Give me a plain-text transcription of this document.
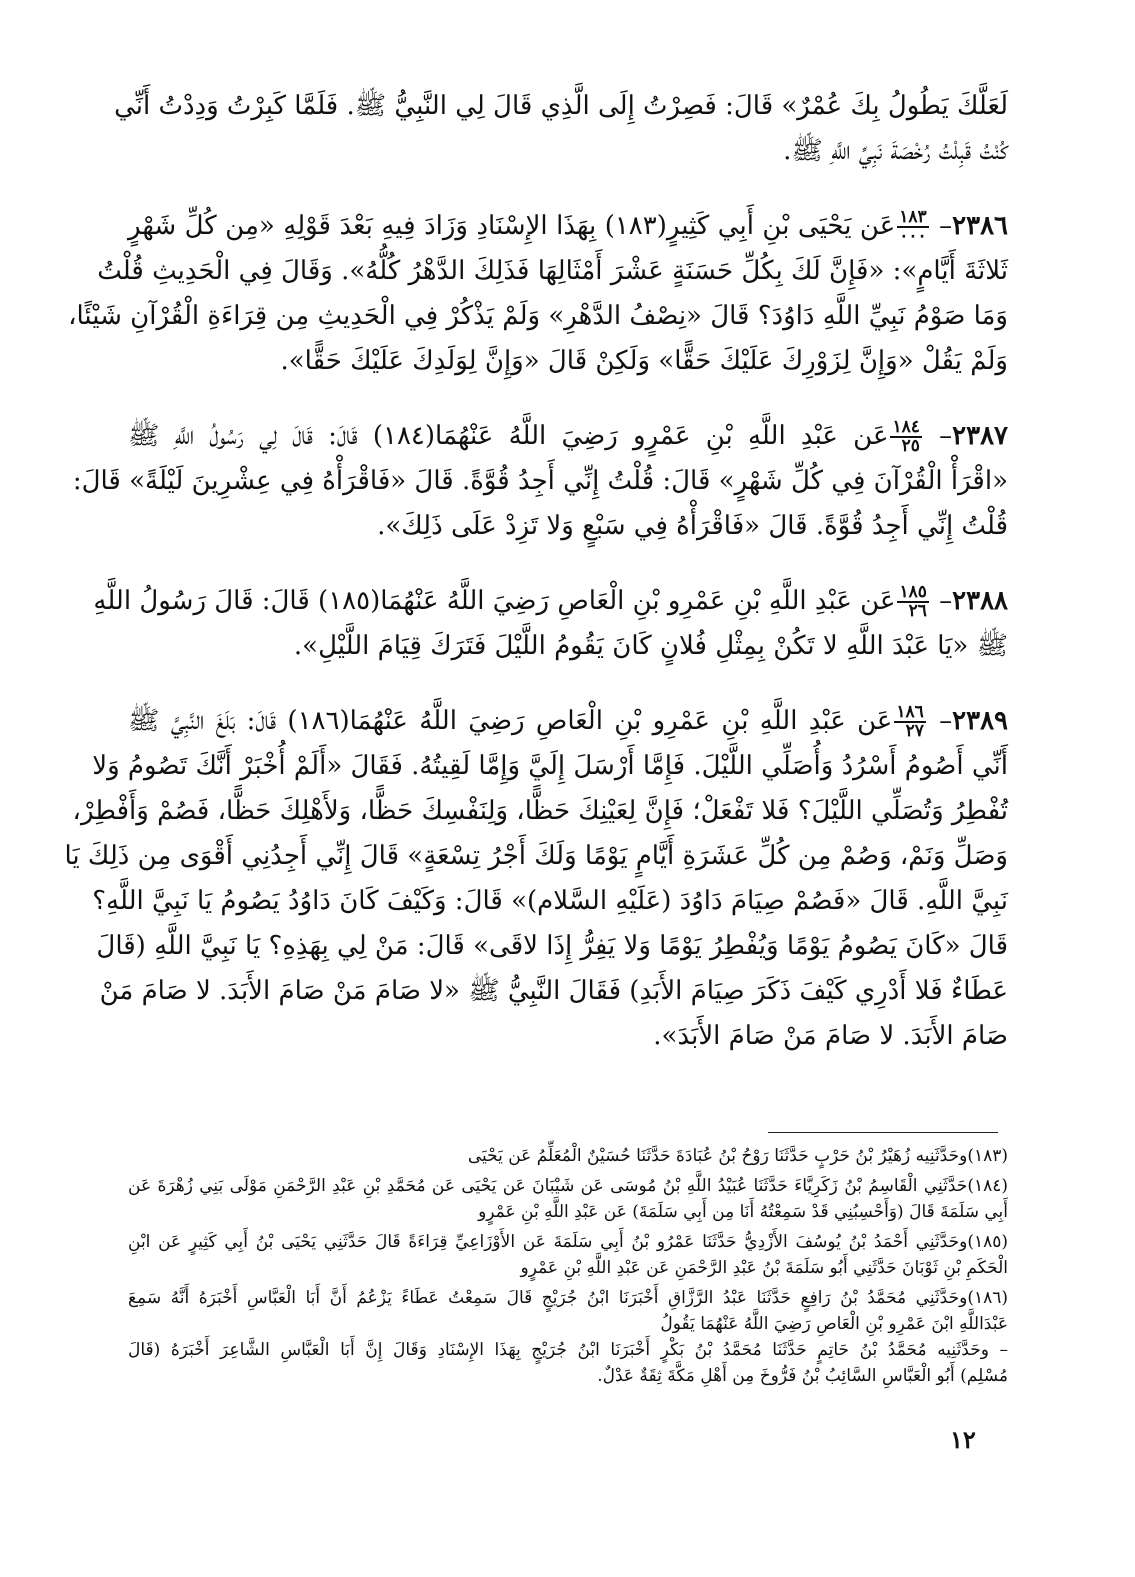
لَعَلَّكَ يَطُولُ بِكَ عُمْرٌ» قَالَ: فَصِرْتُ إِلَى الَّذِي قَالَ لِي النَّبِيُّ ﷺ. فَلَمَّا كَبِرْتُ وَدِدْتُ أَنِّي

كُنْتُ قَبِلْتُ رُخْصَةَ نَبِيِّ اللَّهِ ﷺ.

٢٣٨٦–
$\frac{١٨٣}{٠٠٠}$
عَن يَحْيَى بْنِ أَبِي كَثِيرٍ(١٨٣) بِهَذَا الإِسْنَادِ وَزَادَ فِيهِ بَعْدَ قَوْلِهِ «مِن كُلِّ شَهْرٍ

ثَلاثَةَ أَيَّامٍ»: «فَإِنَّ لَكَ بِكُلِّ حَسَنَةٍ عَشْرَ أَمْثَالِهَا فَذَلِكَ الدَّهْرُ كُلُّهُ». وَقَالَ فِي الْحَدِيثِ قُلْتُ

وَمَا صَوْمُ نَبِيِّ اللَّهِ دَاوُدَ؟ قَالَ «نِصْفُ الدَّهْرِ» وَلَمْ يَذْكُرْ فِي الْحَدِيثِ مِن قِرَاءَةِ الْقُرْآنِ شَيْئًا،

وَلَمْ يَقُلْ «وَإِنَّ لِزَوْرِكَ عَلَيْكَ حَقًّا» وَلَكِنْ قَالَ «وَإِنَّ لِوَلَدِكَ عَلَيْكَ حَقًّا».

٢٣٨٧–
$\frac{١٨٤}{٢٥}$
عَن عَبْدِ اللَّهِ بْنِ عَمْرٍو رَضِيَ اللَّهُ عَنْهُمَا(١٨٤) قَالَ: قَالَ لِي رَسُولُ اللَّهِ ﷺ

«اقْرَأْ الْقُرْآنَ فِي كُلِّ شَهْرٍ» قَالَ: قُلْتُ إِنِّي أَجِدُ قُوَّةً. قَالَ «فَاقْرَأْهُ فِي عِشْرِينَ لَيْلَةً» قَالَ:

قُلْتُ إِنِّي أَجِدُ قُوَّةً. قَالَ «فَاقْرَأْهُ فِي سَبْعٍ وَلا تَزِدْ عَلَى ذَلِكَ».

٢٣٨٨–
$\frac{١٨٥}{٢٦}$
عَن عَبْدِ اللَّهِ بْنِ عَمْرِو بْنِ الْعَاصِ رَضِيَ اللَّهُ عَنْهُمَا(١٨٥) قَالَ: قَالَ رَسُولُ اللَّهِ

ﷺ «يَا عَبْدَ اللَّهِ لا تَكُنْ بِمِثْلِ فُلانٍ كَانَ يَقُومُ اللَّيْلَ فَتَرَكَ قِيَامَ اللَّيْلِ».

٢٣٨٩–
$\frac{١٨٦}{٢٧}$
عَن عَبْدِ اللَّهِ بْنِ عَمْرِو بْنِ الْعَاصِ رَضِيَ اللَّهُ عَنْهُمَا(١٨٦) قَالَ: بَلَغَ النَّبِيَّ ﷺ

أَنِّي أَصُومُ أَسْرُدُ وَأُصَلِّي اللَّيْلَ. فَإِمَّا أَرْسَلَ إِلَيَّ وَإِمَّا لَقِيتُهُ. فَقَالَ «أَلَمْ أُخْبَرْ أَنَّكَ تَصُومُ وَلا

تُفْطِرُ وَتُصَلِّي اللَّيْلَ؟ فَلا تَفْعَلْ؛ فَإِنَّ لِعَيْنِكَ حَظًّا، وَلِنَفْسِكَ حَظًّا، وَلأَهْلِكَ حَظًّا، فَصُمْ وَأَفْطِرْ،

وَصَلِّ وَنَمْ، وَصُمْ مِن كُلِّ عَشَرَةِ أَيَّامٍ يَوْمًا وَلَكَ أَجْرُ تِسْعَةٍ» قَالَ إِنِّي أَجِدُنِي أَقْوَى مِن ذَلِكَ يَا

نَبِيَّ اللَّهِ. قَالَ «فَصُمْ صِيَامَ دَاوُدَ (عَلَيْهِ السَّلام)» قَالَ: وَكَيْفَ كَانَ دَاوُدُ يَصُومُ يَا نَبِيَّ اللَّهِ؟

قَالَ «كَانَ يَصُومُ يَوْمًا وَيُفْطِرُ يَوْمًا وَلا يَفِرُّ إِذَا لاقَى» قَالَ: مَنْ لِي بِهَذِهِ؟ يَا نَبِيَّ اللَّهِ (قَالَ

عَطَاءٌ فَلا أَدْرِي كَيْفَ ذَكَرَ صِيَامَ الأَبَدِ) فَقَالَ النَّبِيُّ ﷺ «لا صَامَ مَنْ صَامَ الأَبَدَ. لا صَامَ مَنْ

صَامَ الأَبَدَ. لا صَامَ مَنْ صَامَ الأَبَدَ».

(١٨٣)وحَدَّثَنِيه زُهَيْرُ بْنُ حَرْبٍ حَدَّثَنَا رَوْحُ بْنُ عُبَادَةَ حَدَّثَنَا حُسَيْنٌ الْمُعَلِّمُ عَن يَحْيَى

(١٨٤)حَدَّثَنِي الْقَاسِمُ بْنُ زَكَرِيَّاءَ حَدَّثَنَا عُبَيْدُ اللَّهِ بْنُ مُوسَى عَن شَيْبَانَ عَن يَحْيَى عَن مُحَمَّدِ بْنِ عَبْدِ الرَّحْمَنِ مَوْلَى بَنِي زُهْرَةَ عَن

أَبِي سَلَمَةَ قَالَ (وَأَحْسِبُنِي قَدْ سَمِعْتُهُ أَنَا مِن أَبِي سَلَمَةَ) عَن عَبْدِ اللَّهِ بْنِ عَمْرٍو

(١٨٥)وحَدَّثَنِي أَحْمَدُ بْنُ يُوسُفَ الأَزْدِيُّ حَدَّثَنَا عَمْرُو بْنُ أَبِي سَلَمَةَ عَن الأَوْزَاعِيِّ قِرَاءَةً قَالَ حَدَّثَنِي يَحْيَى بْنُ أَبِي كَثِيرٍ عَن ابْنِ

الْحَكَمِ بْنِ ثَوْبَانَ حَدَّثَنِي أَبُو سَلَمَةَ بْنُ عَبْدِ الرَّحْمَنِ عَن عَبْدِ اللَّهِ بْنِ عَمْرٍو

(١٨٦)وحَدَّثَنِي مُحَمَّدُ بْنُ رَافِعٍ حَدَّثَنَا عَبْدُ الرَّزَّاقِ أَخْبَرَنَا ابْنُ جُرَيْجٍ قَالَ سَمِعْتُ عَطَاءً يَزْعُمُ أَنَّ أَبَا الْعَبَّاسِ أَخْبَرَهُ أَنَّهُ سَمِعَ

عَبْدَاللَّهِ ابْنَ عَمْرِو بْنِ الْعَاصِ رَضِيَ اللَّهُ عَنْهُمَا يَقُولُ

– وحَدَّثَنِيه مُحَمَّدُ بْنُ حَاتِمٍ حَدَّثَنَا مُحَمَّدُ بْنُ بَكْرٍ أَخْبَرَنَا ابْنُ جُرَيْجٍ بِهَذَا الإِسْنَادِ وَقَالَ إِنَّ أَبَا الْعَبَّاسِ الشَّاعِرَ أَخْبَرَهُ (قَالَ

مُسْلِم) أَبُو الْعَبَّاسِ السَّائِبُ بْنُ فَرُّوخَ مِن أَهْلِ مَكَّةَ ثِقَةٌ عَدْلٌ.

١٢
